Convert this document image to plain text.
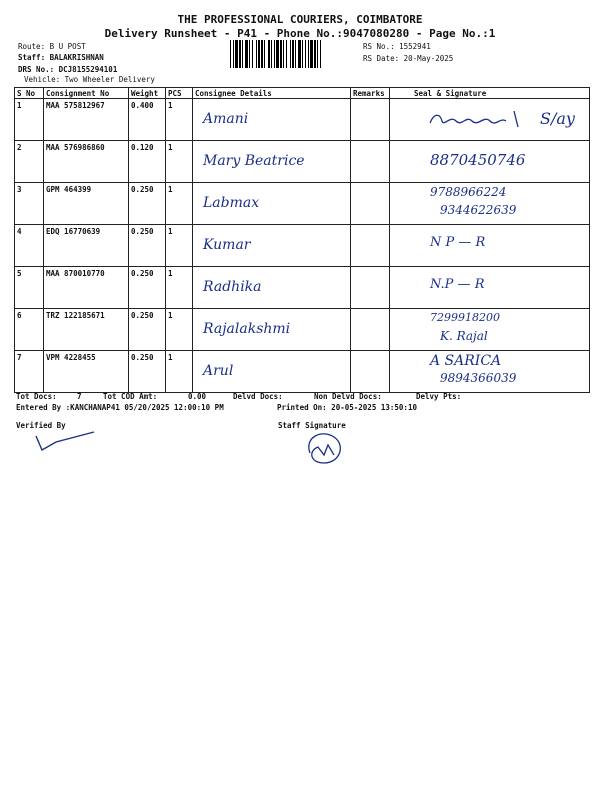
THE PROFESSIONAL COURIERS, COIMBATORE
Delivery Runsheet - P41 - Phone No.:9047080280 - Page No.:1
Route: B U POST
Staff: BALAKRISHNAN
DRS No.: DCJ8155294101
Vehicle: Two Wheeler Delivery
RS No.: 1552941
RS Date: 20-May-2025
S No	Consignment No	Weight	PCS	Consignee Details	Remarks	Seal & Signature
1	MAA 575812967	0.400	1	Amani		S/ay

2	MAA 576986860	0.120	1	Mary Beatrice		8870450746

3	GPM 464399	0.250	1	Labmax		9788966224
9344622639

4	EDQ 16770639	0.250	1	Kumar		N P — R

5	MAA 870010770	0.250	1	Radhika		N.P — R

6	TRZ 122185671	0.250	1	Rajalakshmi		7299918200
K. Rajal

7	VPM 4228455	0.250	1	Arul		A SARICA
9894366039
Tot Docs:	7	Tot COD Amt:	0.00	Delvd Docs:	Non Delvd Docs:	Delvy Pts:
Entered By :KANCHANAP41 05/20/2025 12:00:10 PM	Printed On: 20-05-2025 13:50:10
Verified By	Staff Signature
